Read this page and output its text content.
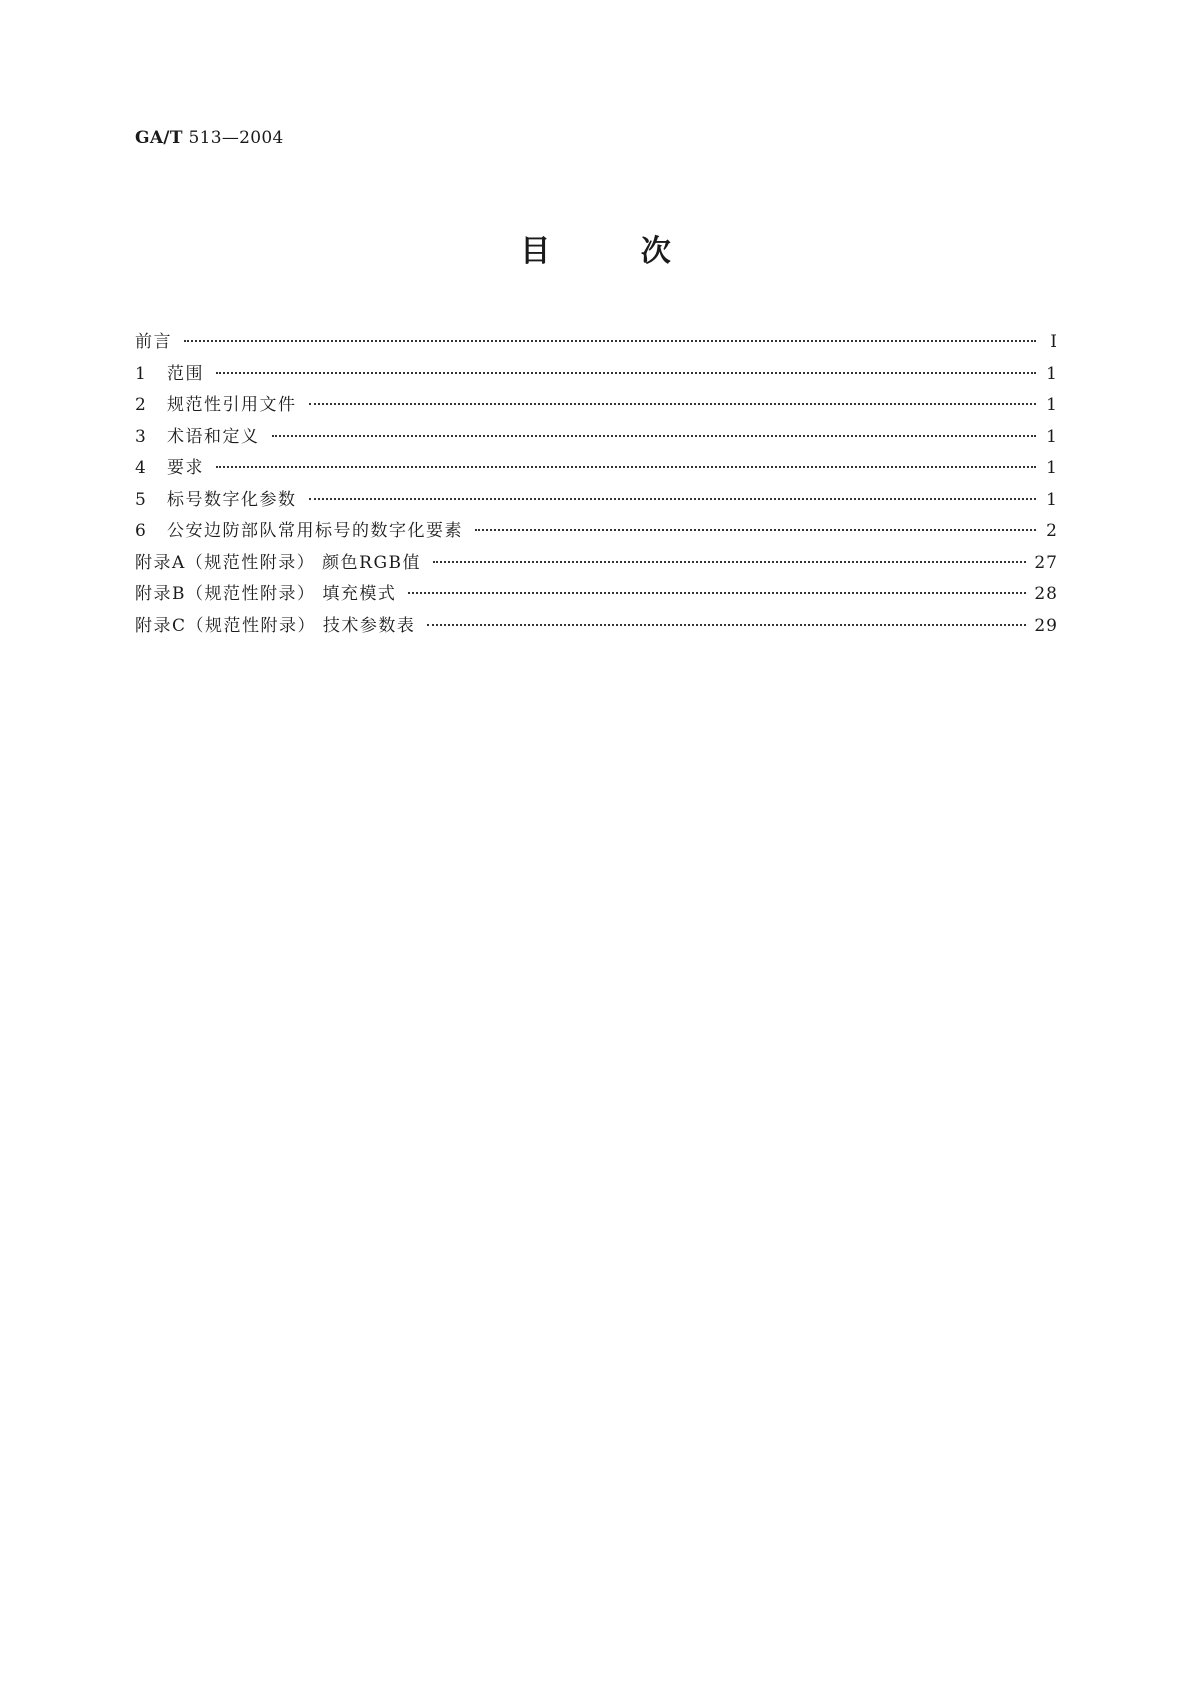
GA/T 513—2004
目 次
前言	I
1	范围	1
2	规范性引用文件	1
3	术语和定义	1
4	要求	1
5	标号数字化参数	1
6	公安边防部队常用标号的数字化要素	2
附录A（规范性附录） 颜色RGB值	27
附录B（规范性附录） 填充模式	28
附录C（规范性附录） 技术参数表	29
